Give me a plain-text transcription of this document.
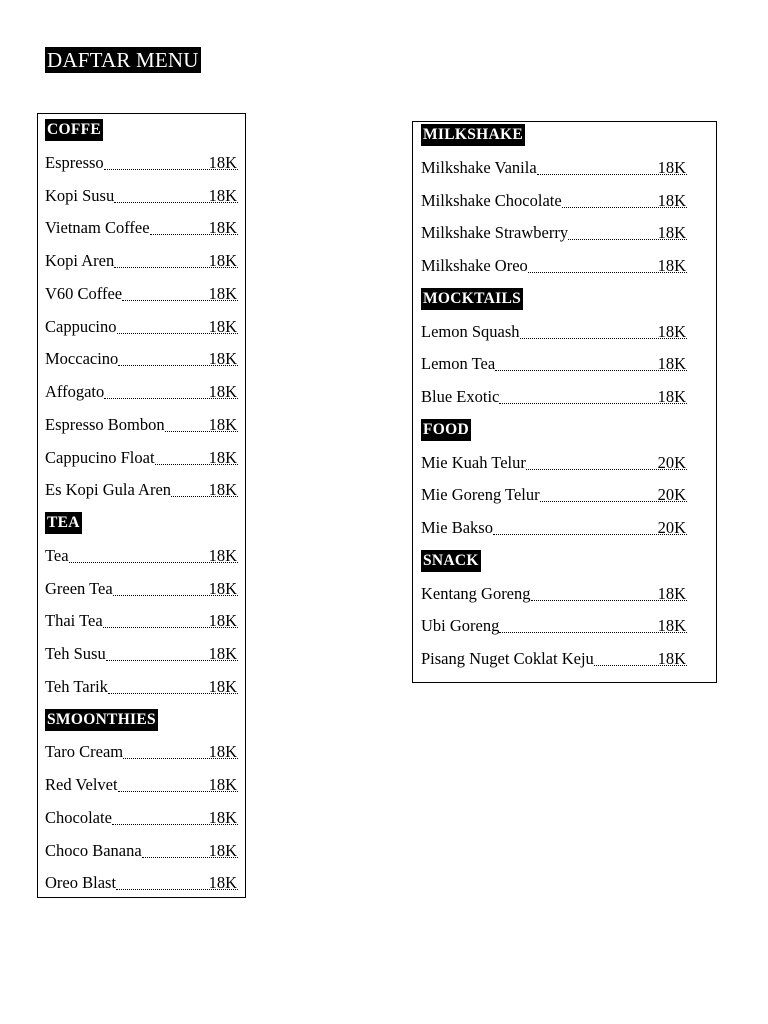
DAFTAR MENU
COFFE
Espresso	18K
Kopi Susu	18K
Vietnam Coffee	18K
Kopi Aren	18K
V60 Coffee	18K
Cappucino	18K
Moccacino	18K
Affogato	18K
Espresso Bombon	18K
Cappucino Float	18K
Es Kopi Gula Aren 18K
TEA
Tea	18K
Green Tea	18K
Thai Tea	18K
Teh Susu	18K
Teh Tarik	18K
SMOONTHIES
Taro Cream	18K
Red Velvet	18K
Chocolate	18K
Choco Banana	18K
Oreo Blast	18K
MILKSHAKE
Milkshake Vanila	18K
Milkshake Chocolate	18K
Milkshake Strawberry	18K
Milkshake Oreo	18K
MOCKTAILS
Lemon Squash	18K
Lemon Tea	18K
Blue Exotic	18K
FOOD
Mie Kuah Telur	20K
Mie Goreng Telur	20K
Mie Bakso	20K
SNACK
Kentang Goreng	18K
Ubi Goreng	18K
Pisang Nuget Coklat Keju	18K
